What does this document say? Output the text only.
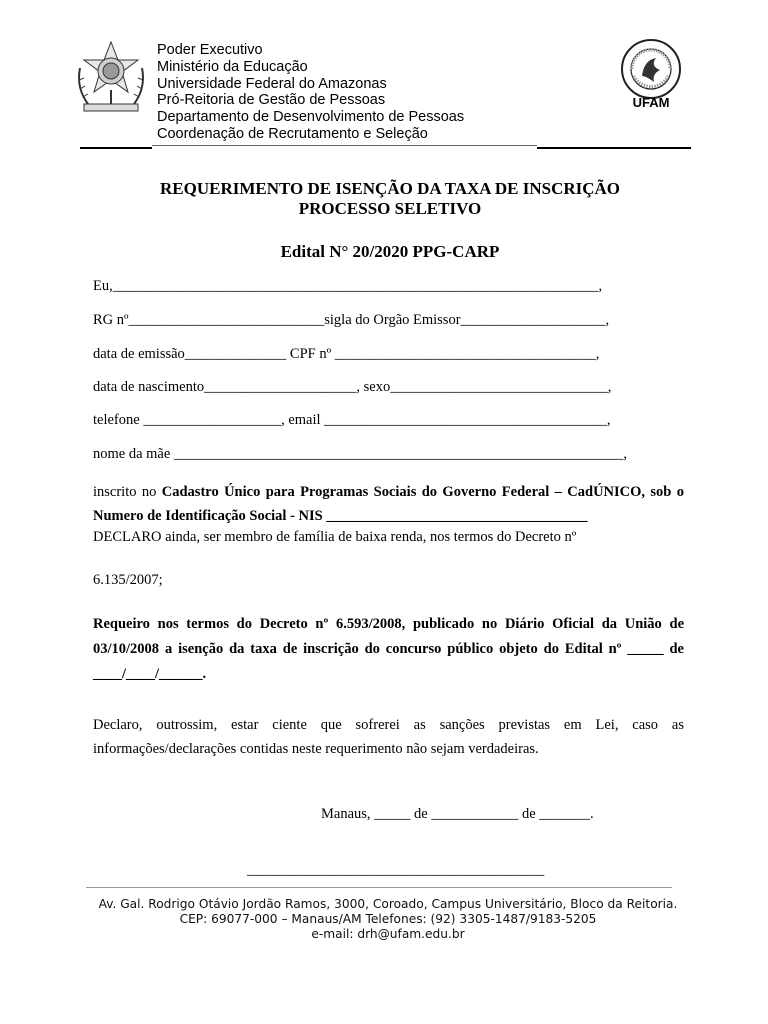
Poder Executivo
Ministério da Educação
Universidade Federal do Amazonas
Pró-Reitoria de Gestão de Pessoas
Departamento de Desenvolvimento de Pessoas
Coordenação de Recrutamento e Seleção
UFAM
REQUERIMENTO DE ISENÇÃO DA TAXA DE INSCRIÇÃO
PROCESSO SELETIVO
Edital N° 20/2020 PPG-CARP
Eu,___________________________________________________________________,
RG nº___________________________sigla do Orgão Emissor____________________,
data de emissão______________ CPF nº ____________________________________,
data de nascimento_____________________, sexo______________________________,
telefone ___________________, email _______________________________________,
nome da mãe ______________________________________________________________,
inscrito no Cadastro Único para Programas Sociais do Governo Federal – CadÚNICO, sob o Numero de Identificação Social - NIS ____________________________________
DECLARO ainda, ser membro de família de baixa renda, nos termos do Decreto nº
6.135/2007;
Requeiro nos termos do Decreto nº 6.593/2008, publicado no Diário Oficial da União de 03/10/2008 a isenção da taxa de inscrição do concurso público objeto do Edital nº _____ de ____/____/______.
Declaro, outrossim, estar ciente que sofrerei as sanções previstas em Lei, caso as informações/declarações contidas neste requerimento não sejam verdadeiras.
Manaus, _____ de ____________ de _______.
_________________________________________
Av. Gal. Rodrigo Otávio Jordão Ramos, 3000, Coroado, Campus Universitário, Bloco da Reitoria.
CEP: 69077-000 – Manaus/AM Telefones: (92) 3305-1487/9183-5205
e-mail: drh@ufam.edu.br
